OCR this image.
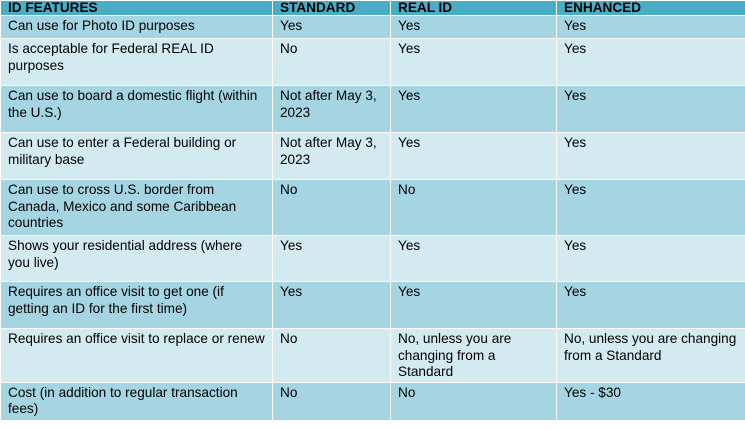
ID FEATURES	STANDARD	REAL ID	ENHANCED
Can use for Photo ID purposes	Yes	Yes	Yes
Is acceptable for Federal REAL ID purposes	No	Yes	Yes
Can use to board a domestic flight (within the U.S.)	Not after May 3, 2023	Yes	Yes
Can use to enter a Federal building or military base	Not after May 3, 2023	Yes	Yes
Can use to cross U.S. border from Canada, Mexico and some Caribbean countries	No	No	Yes
Shows your residential address (where you live)	Yes	Yes	Yes
Requires an office visit to get one (if getting an ID for the first time)	Yes	Yes	Yes
Requires an office visit to replace or renew	No	No, unless you are changing from a Standard	No, unless you are changing from a Standard
Cost (in addition to regular transaction fees)	No	No	Yes - $30
